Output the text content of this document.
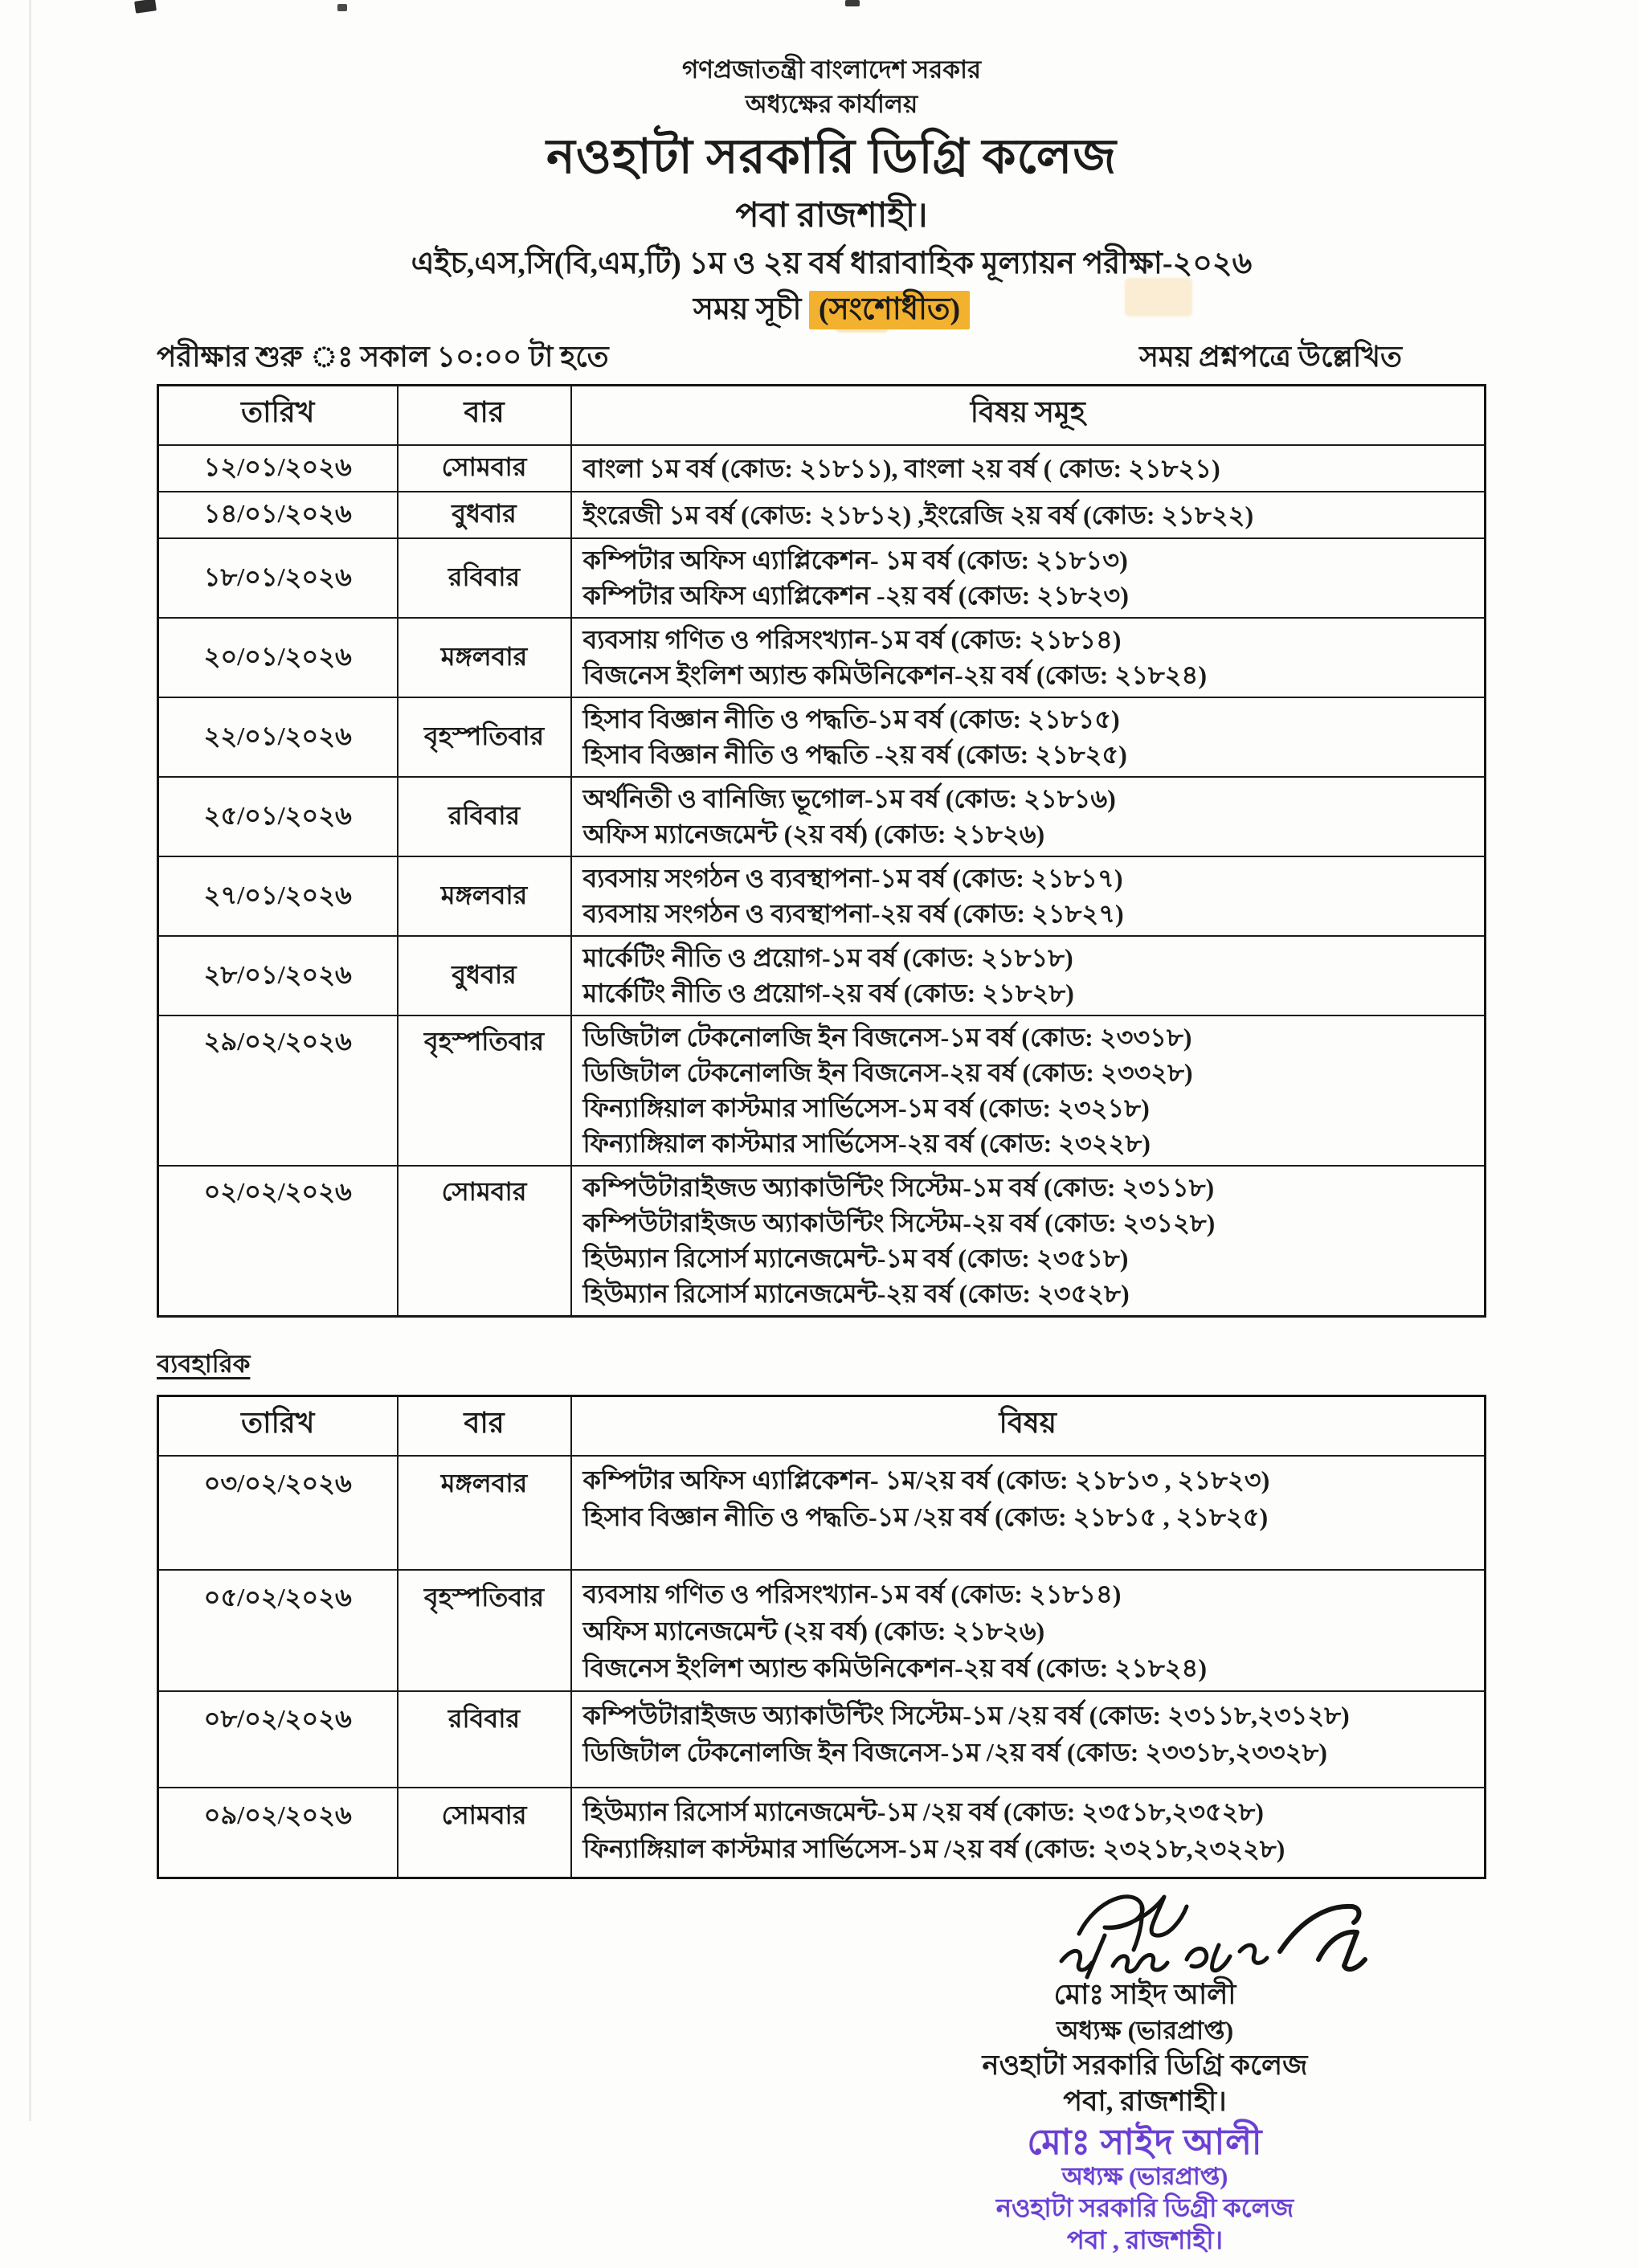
গণপ্রজাতন্ত্রী বাংলাদেশ সরকার
অধ্যক্ষের কার্যালয়
নওহাটা সরকারি ডিগ্রি কলেজ
পবা রাজশাহী।
এইচ,এস,সি(বি,এম,টি) ১ম ও ২য় বর্ষ ধারাবাহিক মূল্যায়ন পরীক্ষা-২০২৬
সময় সূচী (সংশোধীত)
পরীক্ষার শুরু ঃ সকাল ১০:০০ টা হতে	সময় প্রশ্নপত্রে উল্লেখিত
তারিখ	বার	বিষয় সমূহ
১২/০১/২০২৬	সোমবার	বাংলা ১ম বর্ষ (কোড: ২১৮১১), বাংলা ২য় বর্ষ ( কোড: ২১৮২১)

১৪/০১/২০২৬	বুধবার	ইংরেজী ১ম বর্ষ (কোড: ২১৮১২) ,ইংরেজি ২য় বর্ষ (কোড: ২১৮২২)

১৮/০১/২০২৬	রবিবার	কম্পিটার অফিস এ্যাপ্লিকেশন- ১ম বর্ষ (কোড: ২১৮১৩)
কম্পিটার অফিস এ্যাপ্লিকেশন -২য় বর্ষ (কোড: ২১৮২৩)

২০/০১/২০২৬	মঙ্গলবার	ব্যবসায় গণিত ও পরিসংখ্যান-১ম বর্ষ (কোড: ২১৮১৪)
বিজনেস ইংলিশ অ্যান্ড কমিউনিকেশন-২য় বর্ষ (কোড: ২১৮২৪)

২২/০১/২০২৬	বৃহস্পতিবার	হিসাব বিজ্ঞান নীতি ও পদ্ধতি-১ম বর্ষ (কোড: ২১৮১৫)
হিসাব বিজ্ঞান নীতি ও পদ্ধতি -২য় বর্ষ (কোড: ২১৮২৫)

২৫/০১/২০২৬	রবিবার	অর্থনিতী ও বানিজ্যি ভূগোল-১ম বর্ষ (কোড: ২১৮১৬)
অফিস ম্যানেজমেন্ট (২য় বর্ষ) (কোড: ২১৮২৬)

২৭/০১/২০২৬	মঙ্গলবার	ব্যবসায় সংগঠন ও ব্যবস্থাপনা-১ম বর্ষ (কোড: ২১৮১৭)
ব্যবসায় সংগঠন ও ব্যবস্থাপনা-২য় বর্ষ (কোড: ২১৮২৭)

২৮/০১/২০২৬	বুধবার	মার্কেটিং নীতি ও প্রয়োগ-১ম বর্ষ (কোড: ২১৮১৮)
মার্কেটিং নীতি ও প্রয়োগ-২য় বর্ষ (কোড: ২১৮২৮)

২৯/০২/২০২৬	বৃহস্পতিবার	ডিজিটাল টেকনোলজি ইন বিজনেস-১ম বর্ষ (কোড: ২৩৩১৮)
ডিজিটাল টেকনোলজি ইন বিজনেস-২য় বর্ষ (কোড: ২৩৩২৮)
ফিন্যাঙ্গিয়াল কাস্টমার সার্ভিসেস-১ম বর্ষ (কোড: ২৩২১৮)
ফিন্যাঙ্গিয়াল কাস্টমার সার্ভিসেস-২য় বর্ষ (কোড: ২৩২২৮)

০২/০২/২০২৬	সোমবার	কম্পিউটারাইজড অ্যাকাউন্টিং সিস্টেম-১ম বর্ষ (কোড: ২৩১১৮)
কম্পিউটারাইজড অ্যাকাউন্টিং সিস্টেম-২য় বর্ষ (কোড: ২৩১২৮)
হিউম্যান রিসোর্স ম্যানেজমেন্ট-১ম বর্ষ (কোড: ২৩৫১৮)
হিউম্যান রিসোর্স ম্যানেজমেন্ট-২য় বর্ষ (কোড: ২৩৫২৮)
ব্যবহারিক
তারিখ	বার	বিষয়
০৩/০২/২০২৬	মঙ্গলবার	কম্পিটার অফিস এ্যাপ্লিকেশন- ১ম/২য় বর্ষ (কোড: ২১৮১৩ , ২১৮২৩)
হিসাব বিজ্ঞান নীতি ও পদ্ধতি-১ম /২য় বর্ষ (কোড: ২১৮১৫ , ২১৮২৫)

০৫/০২/২০২৬	বৃহস্পতিবার	ব্যবসায় গণিত ও পরিসংখ্যান-১ম বর্ষ (কোড: ২১৮১৪)
অফিস ম্যানেজমেন্ট (২য় বর্ষ) (কোড: ২১৮২৬)
বিজনেস ইংলিশ অ্যান্ড কমিউনিকেশন-২য় বর্ষ (কোড: ২১৮২৪)

০৮/০২/২০২৬	রবিবার	কম্পিউটারাইজড অ্যাকাউন্টিং সিস্টেম-১ম /২য় বর্ষ (কোড: ২৩১১৮,২৩১২৮)
ডিজিটাল টেকনোলজি ইন বিজনেস-১ম /২য় বর্ষ (কোড: ২৩৩১৮,২৩৩২৮)

০৯/০২/২০২৬	সোমবার	হিউম্যান রিসোর্স ম্যানেজমেন্ট-১ম /২য় বর্ষ (কোড: ২৩৫১৮,২৩৫২৮)
ফিন্যাঙ্গিয়াল কাস্টমার সার্ভিসেস-১ম /২য় বর্ষ (কোড: ২৩২১৮,২৩২২৮)
মোঃ সাইদ আলী
অধ্যক্ষ (ভারপ্রাপ্ত)
নওহাটা সরকারি ডিগ্রি কলেজ
পবা, রাজশাহী।
মোঃ সাইদ আলী
অধ্যক্ষ (ভারপ্রাপ্ত)
নওহাটা সরকারি ডিগ্রী কলেজ
পবা , রাজশাহী।
